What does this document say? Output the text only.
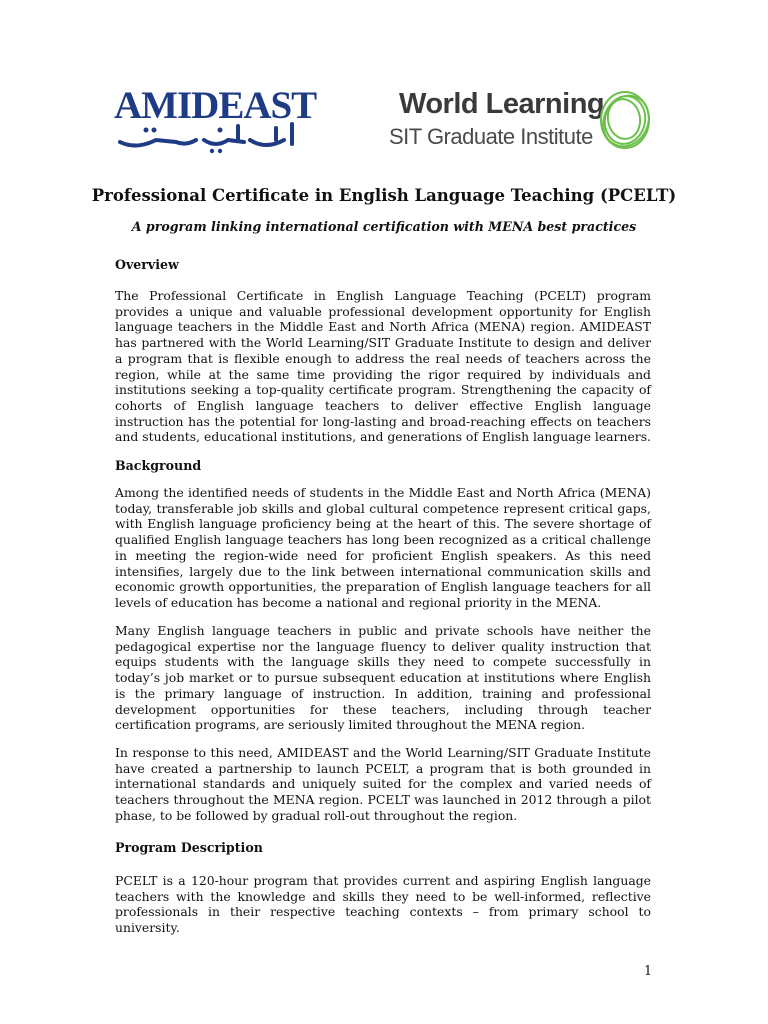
AMIDEAST	World Learning
SIT Graduate Institute
Professional Certificate in English Language Teaching (PCELT)
A program linking international certification with MENA best practices
Overview

The Professional Certificate in English Language Teaching (PCELT) program provides a unique and valuable professional development opportunity for English language teachers in the Middle East and North Africa (MENA) region. AMIDEAST has partnered with the World Learning/SIT Graduate Institute to design and deliver a program that is flexible enough to address the real needs of teachers across the region, while at the same time providing the rigor required by individuals and institutions seeking a top-quality certificate program. Strengthening the capacity of cohorts of English language teachers to deliver effective English language instruction has the potential for long-lasting and broad-reaching effects on teachers and students, educational institutions, and generations of English language learners.

Background

Among the identified needs of students in the Middle East and North Africa (MENA) today, transferable job skills and global cultural competence represent critical gaps, with English language proficiency being at the heart of this. The severe shortage of qualified English language teachers has long been recognized as a critical challenge in meeting the region-wide need for proficient English speakers. As this need intensifies, largely due to the link between international communication skills and economic growth opportunities, the preparation of English language teachers for all levels of education has become a national and regional priority in the MENA.

Many English language teachers in public and private schools have neither the pedagogical expertise nor the language fluency to deliver quality instruction that equips students with the language skills they need to compete successfully in today’s job market or to pursue subsequent education at institutions where English is the primary language of instruction. In addition, training and professional development opportunities for these teachers, including through teacher certification programs, are seriously limited throughout the MENA region.

In response to this need, AMIDEAST and the World Learning/SIT Graduate Institute have created a partnership to launch PCELT, a program that is both grounded in international standards and uniquely suited for the complex and varied needs of teachers throughout the MENA region. PCELT was launched in 2012 through a pilot phase, to be followed by gradual roll-out throughout the region.

Program Description

PCELT is a 120-hour program that provides current and aspiring English language teachers with the knowledge and skills they need to be well-informed, reflective professionals in their respective teaching contexts – from primary school to university.

1
